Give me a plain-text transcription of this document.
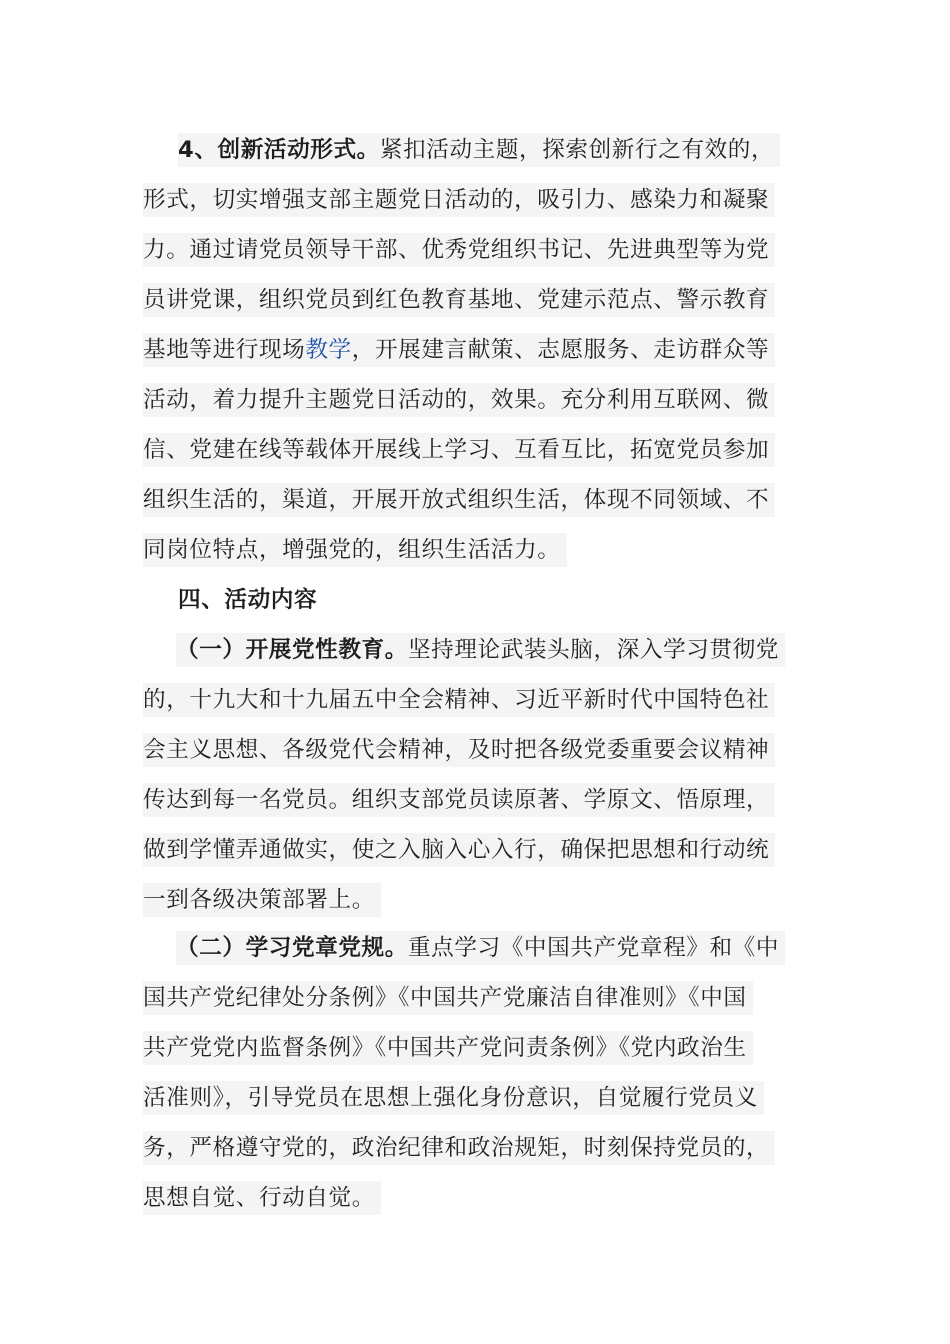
4、创新活动形式。紧扣活动主题，探索创新行之有效的，
形式，切实增强支部主题党日活动的，吸引力、感染力和凝聚
力。通过请党员领导干部、优秀党组织书记、先进典型等为党
员讲党课，组织党员到红色教育基地、党建示范点、警示教育
基地等进行现场教学，开展建言献策、志愿服务、走访群众等
活动，着力提升主题党日活动的，效果。充分利用互联网、微
信、党建在线等载体开展线上学习、互看互比，拓宽党员参加
组织生活的，渠道，开展开放式组织生活，体现不同领域、不
同岗位特点，增强党的，组织生活活力。
四、活动内容
（一）开展党性教育。坚持理论武装头脑，深入学习贯彻党
的，十九大和十九届五中全会精神、习近平新时代中国特色社
会主义思想、各级党代会精神，及时把各级党委重要会议精神
传达到每一名党员。组织支部党员读原著、学原文、悟原理，
做到学懂弄通做实，使之入脑入心入行，确保把思想和行动统
一到各级决策部署上。
（二）学习党章党规。重点学习《中国共产党章程》和《中
国共产党纪律处分条例》《中国共产党廉洁自律准则》《中国
共产党党内监督条例》《中国共产党问责条例》《党内政治生
活准则》，引导党员在思想上强化身份意识，自觉履行党员义
务，严格遵守党的，政治纪律和政治规矩，时刻保持党员的，
思想自觉、行动自觉。
